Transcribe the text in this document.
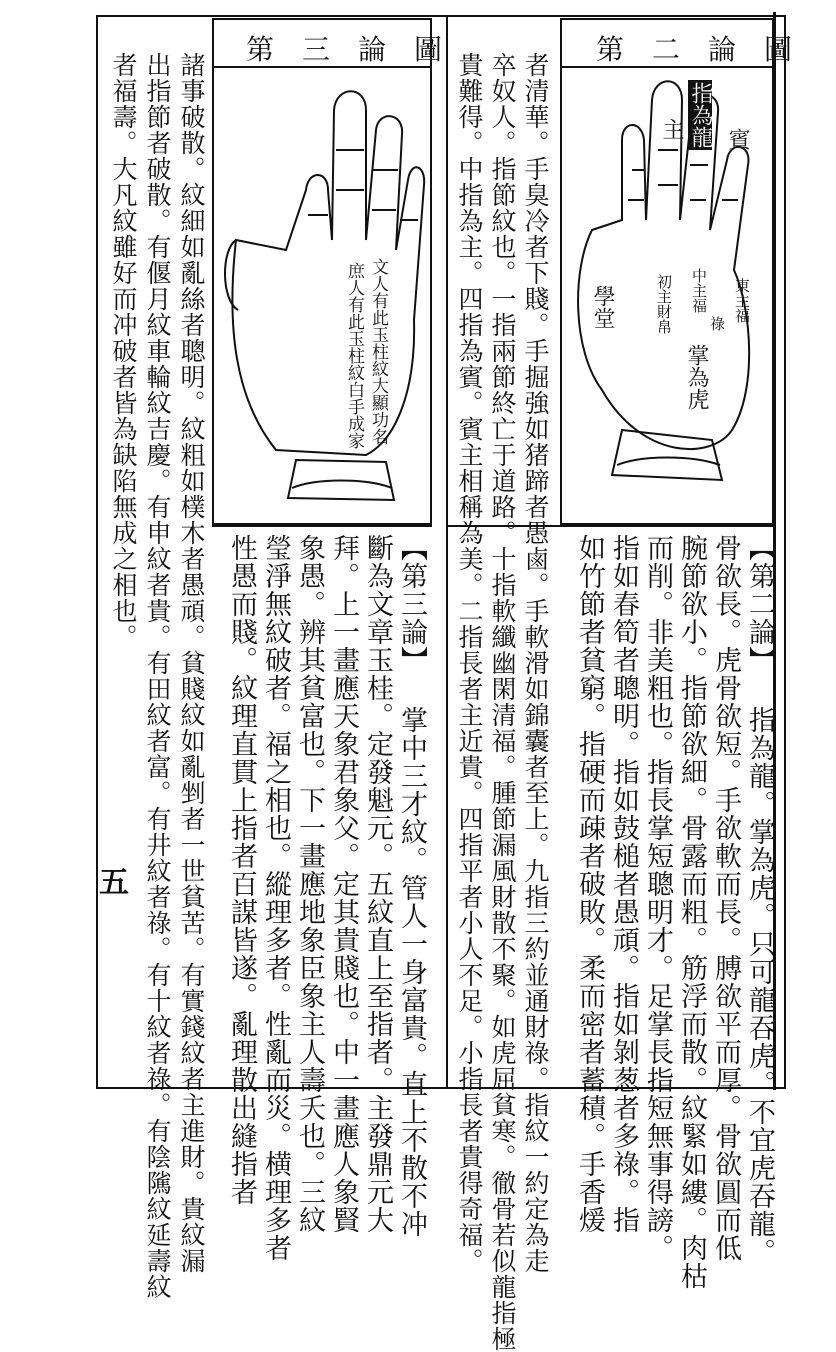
第二論圖
第三論圖
指為龍 賓
主
東主福
中主福
祿
初主財帛
掌為虎
學堂
文人有此玉柱紋大顯功名
庶人有此玉柱紋白手成家
【第二論】 指為龍。掌為虎。只可龍吞虎。不宜虎吞龍。
骨欲長。虎骨欲短。手欲軟而長。膊欲平而厚。骨欲圓而低
腕節欲小。指節欲細。骨露而粗。筋浮而散。紋緊如縷。肉枯
而削。非美粗也。指長掌短聰明才。足掌長指短無事得謗。
指如春筍者聰明。指如鼓槌者愚頑。指如剝葱者多祿。指
如竹節者貧窮。指硬而疎者破敗。柔而密者蓄積。手香煖
者清華。手臭冷者下賤。手掘強如猪蹄者愚鹵。手軟滑如錦囊者至上。九指三約並通財祿。指紋一約定為走
卒奴人。指節紋也。一指兩節終亡于道路。十指軟纖幽閑清福。腫節漏風財散不聚。如虎屈貧寒。徹骨若似龍指極
貴難得。中指為主。四指為賓。賓主相稱為美。二指長者主近貴。四指平者小人不足。小指長者貴得奇福。
【第三論】 掌中三才紋。管人一身富貴。直上不散不冲
斷為文章玉桂。定發魁元。五紋直上至指者。主發鼎元大
拜。上一畫應天象君象父。定其貴賤也。中一畫應人象賢
象愚。辨其貧富也。下一畫應地象臣象主人壽夭也。三紋
瑩淨無紋破者。福之相也。縱理多者。性亂而災。横理多者
性愚而賤。紋理直貫上指者百謀皆遂。亂理散出縫指者
諸事破散。紋細如亂絲者聰明。紋粗如樸木者愚頑。貧賤紋如亂剉者一世貧苦。有實錢紋者主進財。貴紋漏
出指節者破散。有偃月紋車輪紋吉慶。有申紋者貴。有田紋者富。有井紋者祿。有十紋者祿。有陰隲紋延壽紋
者福壽。大凡紋雖好而冲破者皆為缺陷無成之相也。
五
